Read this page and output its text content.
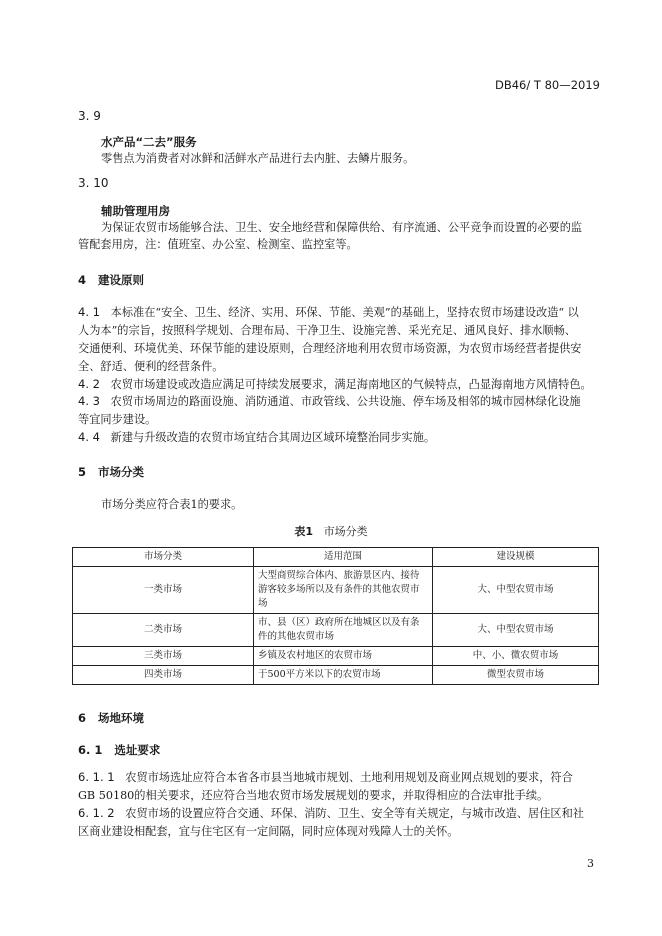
DB46/ T 80—2019
3. 9
水产品“二去”服务
零售点为消费者对冰鲜和活鲜水产品进行去内脏、去鳞片服务。
3. 10
辅助管理用房
为保证农贸市场能够合法、卫生、安全地经营和保障供给、有序流通、公平竞争而设置的必要的监
管配套用房，注：值班室、办公室、检测室、监控室等。
4 建设原则
4. 1 本标准在“安全、卫生、经济、实用、环保、节能、美观”的基础上，坚持农贸市场建设改造“ 以
人为本”的宗旨，按照科学规划、合理布局、干净卫生、设施完善、采光充足、通风良好、排水顺畅、
交通便利、环境优美、环保节能的建设原则，合理经济地利用农贸市场资源，为农贸市场经营者提供安
全、舒适、便利的经营条件。
4. 2 农贸市场建设或改造应满足可持续发展要求，满足海南地区的气候特点，凸显海南地方风情特色。
4. 3 农贸市场周边的路面设施、消防通道、市政管线、公共设施、停车场及相邻的城市园林绿化设施
等宜同步建设。
4. 4 新建与升级改造的农贸市场宜结合其周边区域环境整治同步实施。
5 市场分类
市场分类应符合表1的要求。
表1 市场分类
市场分类	适用范围	建设规模
一类市场	大型商贸综合体内、旅游景区内、接待游客较多场所以及有条件的其他农贸市场	大、中型农贸市场
二类市场	市、县（区）政府所在地城区以及有条件的其他农贸市场	大、中型农贸市场
三类市场	乡镇及农村地区的农贸市场	中、小、微农贸市场
四类市场	于500平方米以下的农贸市场	微型农贸市场
6 场地环境
6. 1 选址要求
6. 1. 1 农贸市场选址应符合本省各市县当地城市规划、土地利用规划及商业网点规划的要求，符合
GB 50180的相关要求，还应符合当地农贸市场发展规划的要求，并取得相应的合法审批手续。
6. 1. 2 农贸市场的设置应符合交通、环保、消防、卫生、安全等有关规定，与城市改造、居住区和社
区商业建设相配套，宜与住宅区有一定间隔，同时应体现对残障人士的关怀。
3
